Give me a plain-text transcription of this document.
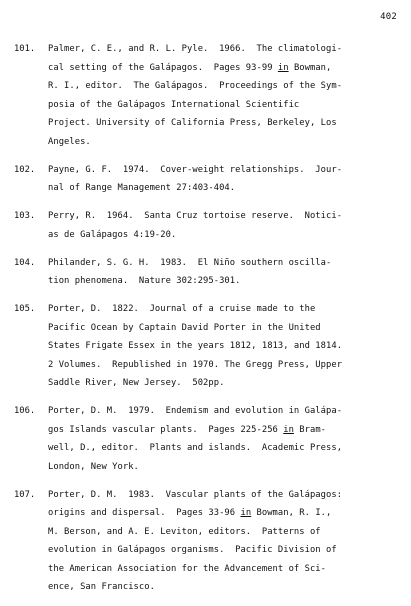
402
101.	Palmer, C. E., and R. L. Pyle.  1966.  The climatologi-
cal setting of the Galápagos.  Pages 93-99 in Bowman,
R. I., editor.  The Galápagos.  Proceedings of the Sym-
posia of the Galápagos International Scientific
Project. University of California Press, Berkeley, Los
Angeles.
102.	Payne, G. F.  1974.  Cover-weight relationships.  Jour-
nal of Range Management 27:403-404.
103.	Perry, R.  1964.  Santa Cruz tortoise reserve.  Notici-
as de Galápagos 4:19-20.
104.	Philander, S. G. H.  1983.  El Niño southern oscilla-
tion phenomena.  Nature 302:295-301.
105.	Porter, D.  1822.  Journal of a cruise made to the
Pacific Ocean by Captain David Porter in the United
States Frigate Essex in the years 1812, 1813, and 1814.
2 Volumes.  Republished in 1970. The Gregg Press, Upper
Saddle River, New Jersey.  502pp.
106.	Porter, D. M.  1979.  Endemism and evolution in Galápa-
gos Islands vascular plants.  Pages 225-256 in Bram-
well, D., editor.  Plants and islands.  Academic Press,
London, New York.
107.	Porter, D. M.  1983.  Vascular plants of the Galápagos:
origins and dispersal.  Pages 33-96 in Bowman, R. I.,
M. Berson, and A. E. Leviton, editors.  Patterns of
evolution in Galápagos organisms.  Pacific Division of
the American Association for the Advancement of Sci-
ence, San Francisco.
